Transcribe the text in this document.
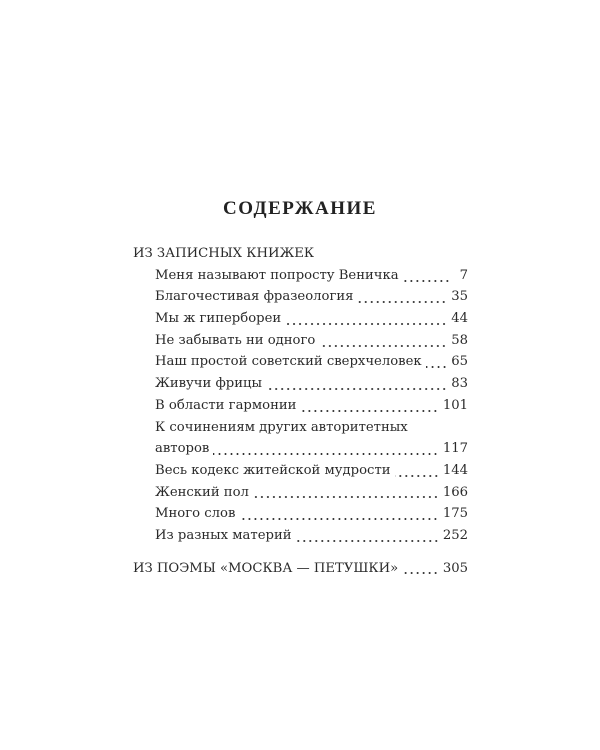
СОДЕРЖАНИЕ
ИЗ ЗАПИСНЫХ КНИЖЕК
Меня называют попросту Веничка	7
Благочестивая фразеология	35
Мы ж гипербореи	44
Не забывать ни одного	58
Наш простой советский сверхчеловек 65
Живучи фрицы	83
В области гармонии	101
К сочинениям других авторитетных
авторов	117
Весь кодекс житейской мудрости	144
Женский пол	166
Много слов	175
Из разных материй	252
ИЗ ПОЭМЫ «МОСКВА — ПЕТУШКИ»	305
